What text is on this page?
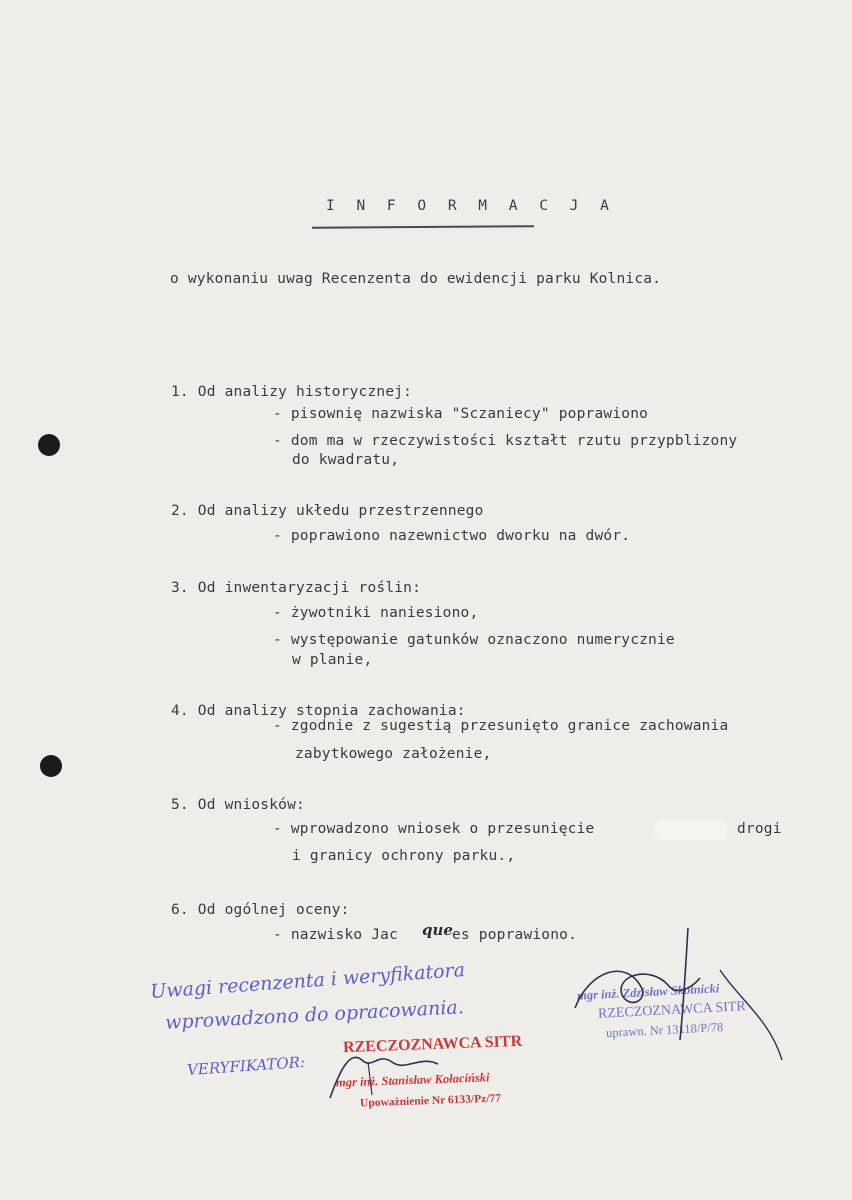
I N F O R M A C J A
o wykonaniu uwag Recenzenta do ewidencji parku Kolnica.
1. Od analizy historycznej:
- pisownię nazwiska "Sczaniecy" poprawiono
- dom ma w rzeczywistości kształt rzutu przypblizony
do kwadratu,
2. Od analizy ukłedu przestrzennego
- poprawiono nazewnictwo dworku na dwór.
3. Od inwentaryzacji roślin:
- żywotniki naniesiono,
- występowanie gatunków oznaczono numerycznie
w planie,
4. Od analizy stopnia zachowania:
- zgodnie z sugestią przesunięto granice zachowania
zabytkowego założenie,
5. Od wniosków:
- wprowadzono wniosek o przesunięcie	drogi
i granicy ochrony parku.,
6. Od ogólnej oceny:
- nazwisko Jac que es poprawiono.
Uwagi recenzenta i weryfikatora
wprowadzono do opracowania.
VERYFIKATOR:
RZECZOZNAWCA SITR
mgr inż. Stanisław Kołaciński
Upoważnienie Nr 6133/Pz/77
mgr inż. Zdzisław Skotnicki
RZECZOZNAWCA SITR
uprawn. Nr 13118/P/78
